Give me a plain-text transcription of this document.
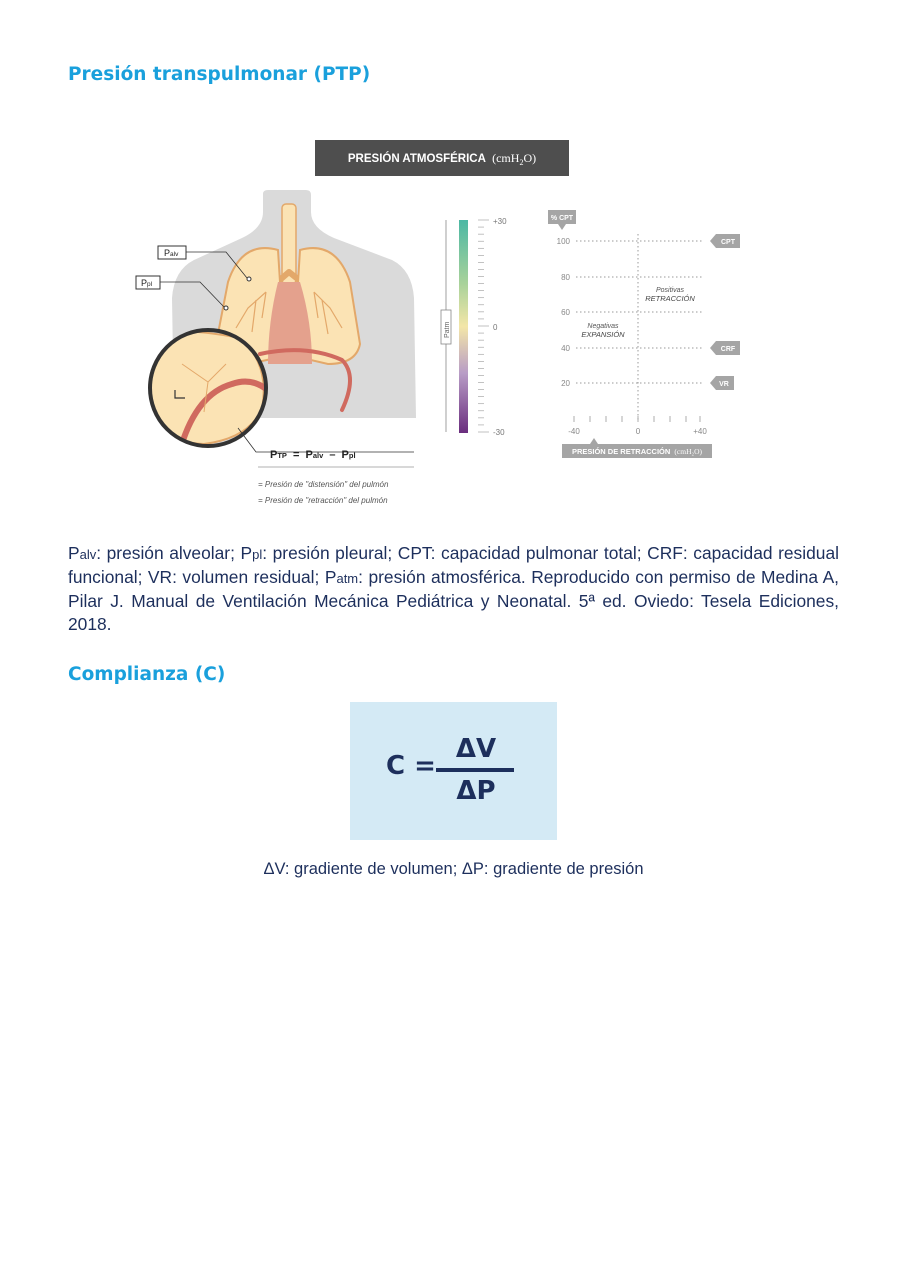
Presión transpulmonar (PTP)
PRESIÓN ATMOSFÉRICA (cmH$_2$O)
Palv
Ppl
PTP = Palv – Ppl
= Presión de "distensión" del pulmón
= Presión de "retracción" del pulmón
Patm
+30
0
-30
% CPT
100
80
60
40
20
-40	0	+40
CPT
CRF
VR
Positivas
RETRACCIÓN
Negativas
EXPANSIÓN
PRESIÓN DE RETRACCIÓN (cmH₂O)

Palv: presión alveolar; Ppl: presión pleural; CPT: capacidad pulmonar total; CRF: capacidad residual funcional; VR: volumen residual; Patm: presión atmosférica. Reproducido con permiso de Medina A, Pilar J. Manual de Ventilación Mecánica Pediátrica y Neonatal. 5ª ed. Oviedo: Tesela Ediciones, 2018.

Complianza (C)
C =
ΔV
ΔP

ΔV: gradiente de volumen; ΔP: gradiente de presión
